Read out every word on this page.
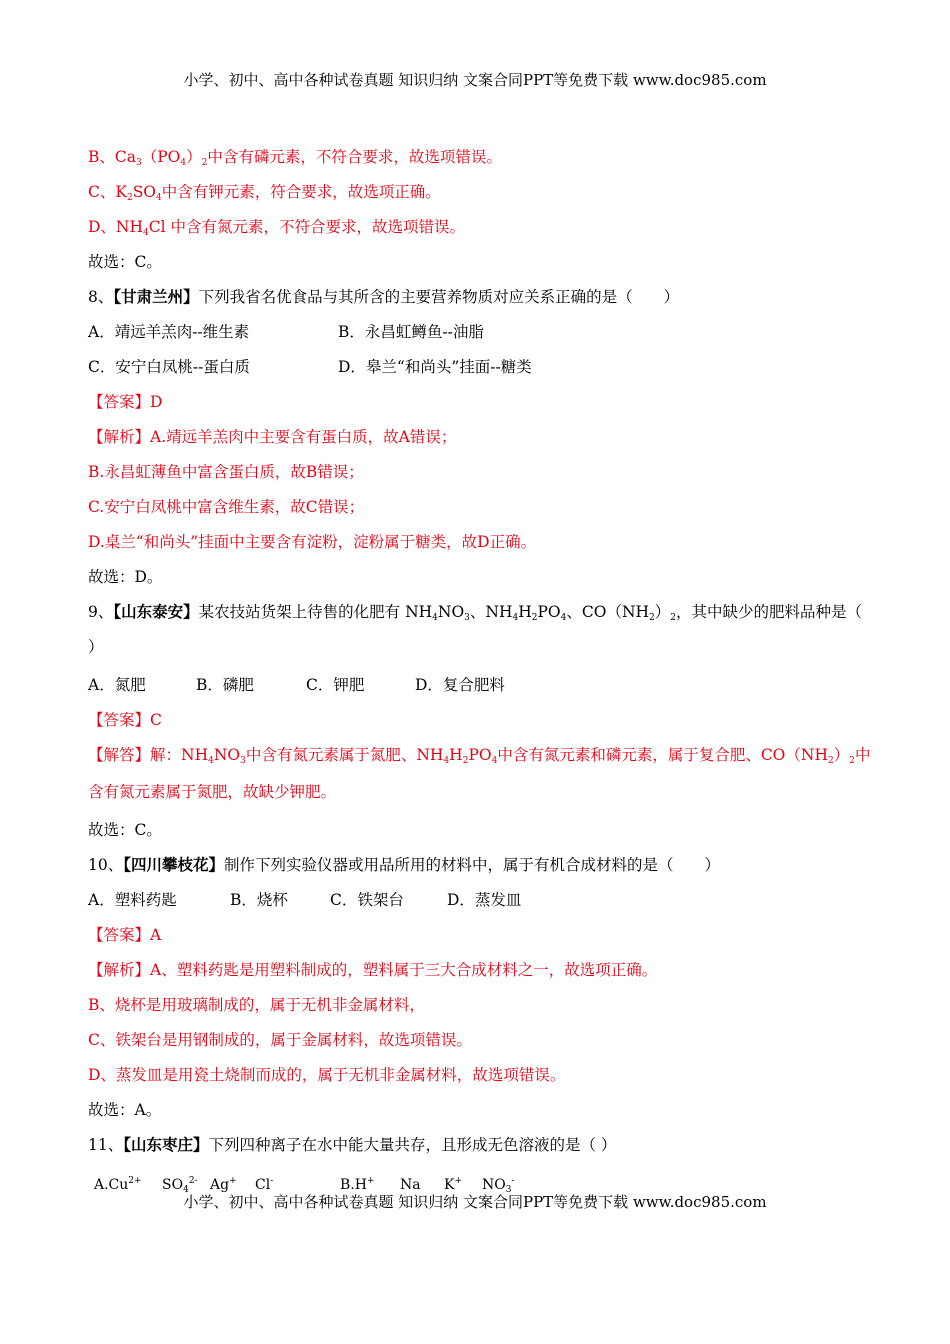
小学、初中、高中各种试卷真题 知识归纳 文案合同PPT等免费下载 www.doc985.com
B、$Ca_3(PO_4)_2$中含有磷元素，不符合要求，故选项错误。
C、$K_2SO_4$中含有钾元素，符合要求，故选项正确。
D、$NH_4Cl$ 中含有氮元素，不符合要求，故选项错误。
故选：C。
8、【甘肃兰州】下列我省名优食品与其所含的主要营养物质对应关系正确的是（　　）
A．靖远羊羔肉--维生素	B．永昌虹鳟鱼--油脂
C．安宁白凤桃--蛋白质	D．皋兰“和尚头”挂面--糖类
【答案】D
【解析】A.靖远羊羔肉中主要含有蛋白质，故A错误；
B.永昌虹薄鱼中富含蛋白质，故B错误；
C.安宁白凤桃中富含维生素，故C错误；
D.桌兰“和尚头”挂面中主要含有淀粉，淀粉属于糖类，故D正确。
故选：D。
9、【山东泰安】某农技站货架上待售的化肥有 $NH_4NO_3$、$NH_4H_2PO_4$、$CO(NH_2)_2$，其中缺少的肥料品种是（
）
A．氮肥	B．磷肥	C．钾肥	D．复合肥料
【答案】C
【解答】解：$NH_4NO_3$中含有氮元素属于氮肥、$NH_4H_2PO_4$中含有氮元素和磷元素，属于复合肥、$CO(NH_2)_2$中
含有氮元素属于氮肥，故缺少钾肥。
故选：C。
10、【四川攀枝花】制作下列实验仪器或用品所用的材料中，属于有机合成材料的是（　　）
A．塑料药匙	B．烧杯	C．铁架台	D．蒸发皿
【答案】A
【解析】A、塑料药匙是用塑料制成的，塑料属于三大合成材料之一，故选项正确。
B、烧杯是用玻璃制成的，属于无机非金属材料，
C、铁架台是用钢制成的，属于金属材料，故选项错误。
D、蒸发皿是用瓷土烧制而成的，属于无机非金属材料，故选项错误。
故选：A。
11、【山东枣庄】下列四种离子在水中能大量共存，且形成无色溶液的是（ ）
$A.Cu^{2+}$ $SO_4^{2-}$ Ag+ Cl-	B.H+ Na K+ $NO_3^-$
小学、初中、高中各种试卷真题 知识归纳 文案合同PPT等免费下载 www.doc985.com
